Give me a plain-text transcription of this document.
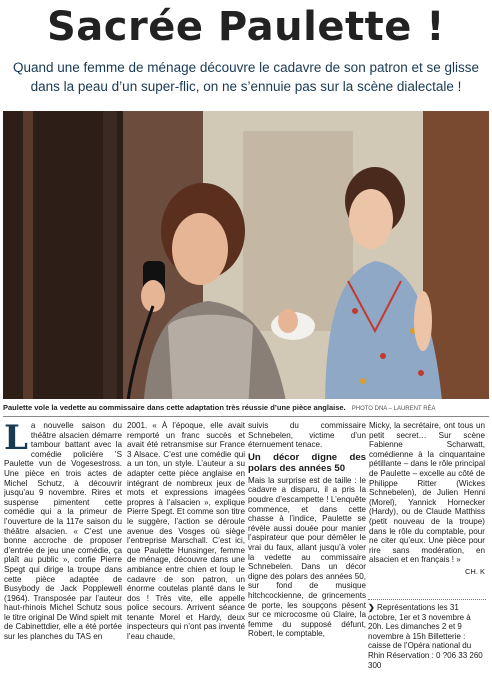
Sacrée Paulette !
Quand une femme de ménage découvre le cadavre de son patron et se glisse dans la peau d’un super-flic, on ne s’ennuie pas sur la scène dialectale !
Paulette vole la vedette au commissaire dans cette adaptation très réussie d’une pièce anglaise. PHOTO DNA – LAURENT RÉA
L a nouvelle saison du théâtre alsacien démarre tambour battant avec la comédie policière ’S Paulette vun de Vogesestross. Une pièce en trois actes de Michel Schutz, à découvrir jusqu’au 9 novembre. Rires et suspense pimentent cette comédie qui a la primeur de l’ouverture de la 117e saison du théâtre alsacien. « C’est une bonne accroche de proposer d’entrée de jeu une comédie, ça plaît au public », confie Pierre Spegt qui dirige la troupe dans cette pièce adaptée de Busybody de Jack Popplewell (1964). Transposée par l’auteur haut-rhinois Michel Schutz sous le titre original De Wind spielt mit de Cabinettdier, elle a été portée sur les planches du TAS en

2001. « À l’époque, elle avait remporté un franc succès et avait été retransmise sur France 3 Alsace. C’est une comédie qui a un ton, un style. L’auteur a su adapter cette pièce anglaise en intégrant de nombreux jeux de mots et expressions imagées propres à l’alsacien », explique Pierre Spegt. Et comme son titre le suggère, l’action se déroule avenue des Vosges où siège l’entreprise Marschall. C’est ici, que Paulette Hunsinger, femme de ménage, découvre dans une ambiance entre chien et loup le cadavre de son patron, un énorme coutelas planté dans le dos ! Très vite, elle appelle police secours. Arrivent séance tenante Morel et Hardy, deux inspecteurs qui n’ont pas inventé l’eau chaude,

suivis du commissaire Schnebelen, victime d’un éternuement tenace.

Un décor digne des polars des années 50

Mais la surprise est de taille : le cadavre a disparu, il a pris la poudre d’escampette ! L’enquête commence, et dans cette chasse à l’indice, Paulette se révèle aussi douée pour manier l’aspirateur que pour démêler le vrai du faux, allant jusqu’à voler la vedette au commissaire Schnebelen. Dans un décor digne des polars des années 50, sur fond de musique hitchcockienne, de grincements de porte, les soupçons pèsent sur ce microcosme où Claire, la femme du supposé défunt, Robert, le comptable,

Micky, la secrétaire, ont tous un petit secret… Sur scène Fabienne Scharwatt, comédienne à la cinquantaine pétillante – dans le rôle principal de Paulette – excelle au côté de Philippe Ritter (Wickes Schnebelen), de Julien Henni (Morel), Yannick Hornecker (Hardy), ou de Claude Matthiss (petit nouveau de la troupe) dans le rôle du comptable, pour ne citer qu’eux. Une pièce pour rire sans modération, en alsacien et en français ! »

CH. K
❯ Représentations les 31 octobre, 1er et 3 novembre à 20h. Les dimanches 2 et 9 novembre à 15h Billetterie : caisse de l’Opéra national du Rhin Réservation : 0 ?06 33 260 300
